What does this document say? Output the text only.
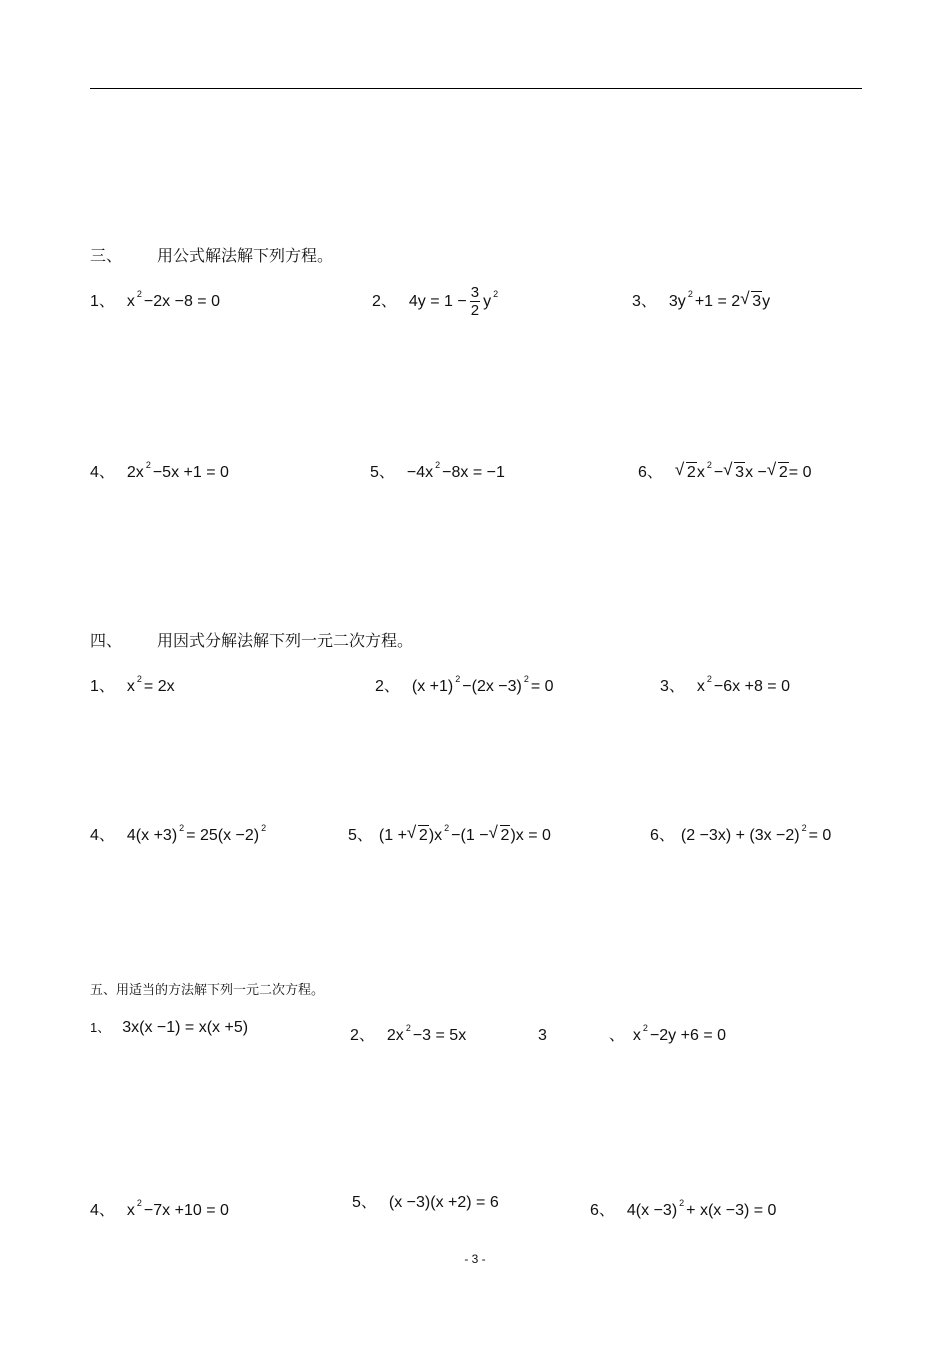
三、 用公式解法解下列方程。
1、 x $^2$ −2x −8 = 0	2、 $4y = 1 - \frac{3}{2}$ y $^2$	3、 3y $^2$ +1 = 2 √ 3y
4、 2x $^2$ −5x +1 = 0	5、 −4x $^2$ −8x = −1	6、 √ 2x $^2$ − √ 3x − √ 2= 0
四、 用因式分解法解下列一元二次方程。
1、 x $^2$ = 2x	2、 (x +1) $^2$ −(2x −3) $^2$ = 0	3、 x $^2$ −6x +8 = 0
4、 4(x +3) $^2$ = 25(x −2) $^2$	5、 (1 + √ 2)x $^2$ −(1 − √ 2)x = 0	6、 (2 −3x) + (3x −2) $^2$ = 0
五、用适当的方法解下列一元二次方程。
1、 3x(x −1) = x(x +5)	2、 2x $^2$ −3 = 5x	3	、 x $^2$ −2y +6 = 0
4、 x $^2$ −7x +10 = 0	5、 (x −3)(x +2) = 6	6、 4(x −3) $^2$ + x(x −3) = 0
- 3 -
